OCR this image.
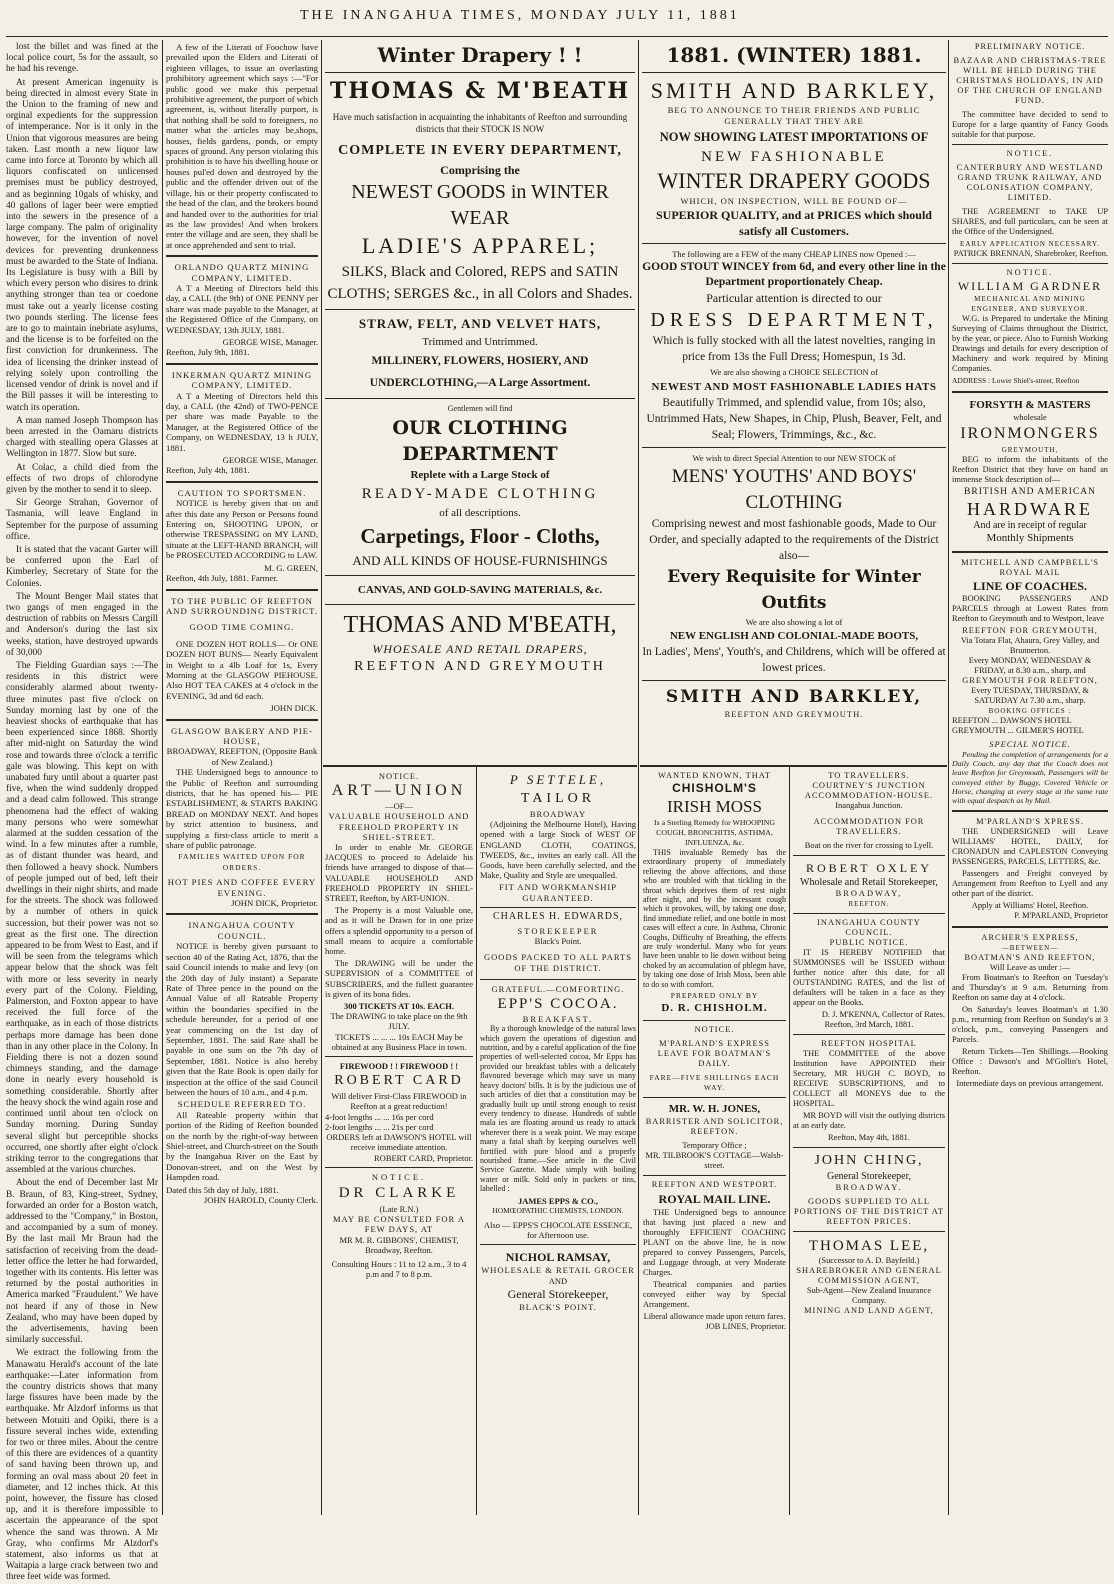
THE INANGAHUA TIMES, MONDAY JULY 11, 1881

lost the billet and was fined at the local police court, 5s for the assault, so he had his revenge.

At present American ingenuity is being directed in almost every State in the Union to the framing of new and orginal expedients for the suppression of intemperance. Nor is it only in the Union that vigorous measures are being taken. Last month a new liquor law came into force at Toronto by which all liquors confiscated on unlicensed premises must be publicy destroyed, and as beginning 10gals of whisky, and 40 gallons of lager beer were emptied into the sewers in the presence of a large company. The palm of originality however, for the invention of novel devices for preventing drunkenness must be awarded to the State of Indiana. Its Legislature is busy with a Bill by which every person who disires to drink anything stronger than tea or coedone must take out a yearly license costing two pounds sterling. The license fees are to go to maintain inebriate asylums, and the license is to be forfeited on the first conviction for drunkenness. The idea of licensing the drinker instead of relying solely upon controlling the licensed vendor of drink is novel and if the Bill passes it will be interesting to watch its operation.

A man named Joseph Thompson has been arrested in the Oamaru districts charged with stealling opera Glasses at Wellington in 1877. Slow but sure.

At Colac, a child died from the effects of two drops of chlorodyne given by the mother to send it to sleep.

Sir George Strahan, Governor of Tasmania, will leave England in September for the purpose of assuming office.

It is stated that the vacant Garter will be conferred upon the Earl of Kimberley, Secretary of State for the Colonies.

The Mount Benger Mail states that two gangs of men engaged in the destruction of rabbits on Messrs Cargill and Anderson's during the last six weeks, station, have destroyed upwards of 30,000

The Fielding Guardian says :—The residents in this district were considerably alarmed about twenty-three minutes past five o'clock on Sunday morning last by one of the heaviest shocks of earthquake that has been experienced since 1868. Shortly after mid-night on Saturday the wind rose and towards three o'clock a terrific gale was blowing. This kept on with unabated fury until about a quarter past five, when the wind suddenly dropped and a dead calm followed. This strange phenomena had the effect of waking many persons who were somewhat alarmed at the sudden cessation of the wind. In a few minutes after a rumble, as of distant thunder was heard, and then followed a heavy shock. Numbers of people jumped out of bed, left their dwellings in their night shirts, and made for the streets. The shock was followed by a number of others in quick succession, but their power was not so great as the first one. The direction appeared to be from West to East, and if will be seen from the telegrams which appear below that the shock was felt with more or less severity in nearly every part of the Colony. Fielding, Palmerston, and Foxton appear to have received the full force of the earthquake, as in each of those districts perhaps more damage has been done than in any other place in the Colony. In Fielding there is not a dozen sound chimneys standing, and the damage done in nearly every household is something considerable. Shortly after the heavy shock the wind again rose and continued until about ten o'clock on Sunday morning. During Sunday several slight but perceptible shocks occurred, one shortly after eight o'clock striking terror to the congregations that assembled at the various churches.

About the end of December last Mr B. Braun, of 83, King-street, Sydney, forwarded an order for a Boston watch, addressed to the "Company," in Boston, and accompanied by a sum of money. By the last mail Mr Braun had the satisfaction of receiving from the dead-letter office the letter he had forwarded, together with its contents. His letter was returned by the postal authorities in America marked "Fraudulent." We have not heard if any of those in New Zealand, who may have been duped by the advertisements, having been similarly successful.

We extract the following from the Manawatu Herald's account of the late earthquake:—Later information from the country districts shows that many large fissures have been made by the earthquake. Mr Alzdorf informs us that between Motuiti and Opiki, there is a fissure several inches wide, extending for two or three miles. About the centre of this there are evidences of a quantity of sand having been thrown up, and forming an oval mass about 20 feet in diameter, and 12 inches thick. At this point, however, the fissure has closed up, and it is therefore impossible to ascertain the appearance of the spot whence the sand was thrown. A Mr Gray, who confirms Mr Alzdorf's statement, also informs us that at Waitapia a large crack between two and three feet wide was formed.

A few of the Literati of Foochow have prevailed upon the Elders and Literati of eighteen villages, to issue an overlasting prohibitory agreement which says :—"For public good we make this perpetual prohibitive agreement, the purport of which agreement, is, without literally purport, is that nothing shall be sold to foreigners, no matter what the articles may be,shops, houses, fields gardens, ponds, or empty spaces of ground. Any person violating this prohibition is to have his dwelling house or houses pul'ed down and destroyed by the public and the offender driven out of the village, his or their property confiscated to the head of the clan, and the brokers bound and handed over to the authorities for trial as the law provides! And when brokers enter the village and are seen, they shall be at once apprehended and sent to trial.

ORLANDO QUARTZ MINING COMPANY, LIMITED.

A T a Meeting of Directors held this day, a CALL (the 9th) of ONE PENNY per share was made payable to the Manager, at the Registered Office of the Company, on WEDNESDAY, 13th JULY, 1881.

GEORGE WISE, Manager.
Reefton, July 9th, 1881.
INKERMAN QUARTZ MINING COMPANY, LIMITED.

A T a Meeting of Directors held this day, a CALL (the 42nd) of TWO-PENCE per share was made Payable to the Manager, at the Registered Office of the Company, on WEDNESDAY, 13 h JULY, 1881.

GEORGE WISE, Manager.
Reefton, July 4th, 1881.
CAUTION TO SPORTSMEN.

NOTICE is hereby given that on and after this date any Person or Persons found Entering on, SHOOTING UPON, or otherwise TRESPASSING on MY LAND, situate at the LEFT-HAND BRANCH, will be PROSECUTED ACCORDING to LAW.

M. G. GREEN,
Reefton, 4th July, 1881. Farmer.
TO THE PUBLIC OF REEFTON AND SURROUNDING DISTRICT.
GOOD TIME COMING.

ONE DOZEN HOT ROLLS— Or ONE DOZEN HOT BUNS— Nearly Equivalent in Weight to a 4lb Loaf for 1s, Every Morning at the GLASGOW PIEHOUSE. Also HOT TEA CAKES at 4 o'clock in the EVENING, 3d and 6d each.

JOHN DICK.
GLASGOW BAKERY AND PIE-HOUSE,
BROADWAY, REEFTON, (Opposite Bank of New Zealand.)

THE Undersigned begs to announce to the Public of Reefton and surrounding districts, that he has opened his— PIE ESTABLISHMENT, & STARTS BAKING BREAD on MONDAY NEXT. And hopes by strict attention to business, and supplying a first-class article to merit a share of public patronage.

FAMILIES WAITED UPON FOR ORDERS.
HOT PIES AND COFFEE EVERY EVENING.
JOHN DICK, Proprietor.
INANGAHUA COUNTY COUNCIL.

NOTICE is hereby given pursuant to section 40 of the Rating Act, 1876, that the said Council intends to make and levy (on the 20th day of July instant) a Separate Rate of Three pence in the pound on the Annual Value of all Rateable Property within the boundaries specified in the schedule hereunder, for a period of one year commencing on the 1st day of September, 1881. The said Rate shall be payable in one sum on the 7th day of September, 1881. Notice is also hereby given that the Rate Book is open daily for inspection at the office of the said Council between the hours of 10 a.m., and 4 p.m.

SCHEDULE REFERRED TO.

All Rateable property within that portion of the Riding of Reefton bounded on the north by the right-of-way between Shiel-street, and Church-street on the South by the Inangahua River on the East by Donovan-street, and on the West by Hampden road.

Dated this 5th day of July, 1881.
JOHN HAROLD, County Clerk.
Winter Drapery ! !
THOMAS & M'BEATH
Have much satisfaction in acquainting the inhabitants of Reefton and surrounding districts that their STOCK IS NOW
COMPLETE IN EVERY DEPARTMENT,
Comprising the
NEWEST GOODS in WINTER WEAR
LADIE'S APPAREL;
SILKS, Black and Colored, REPS and SATIN CLOTHS; SERGES &c., in all Colors and Shades.
STRAW, FELT, AND VELVET HATS,
Trimmed and Untrimmed.
MILLINERY, FLOWERS, HOSIERY, AND UNDERCLOTHING,—A Large Assortment.
Gentlemen will find
OUR CLOTHING DEPARTMENT
Replete with a Large Stock of
READY-MADE CLOTHING
of all descriptions.
Carpetings, Floor - Cloths,
AND ALL KINDS OF HOUSE-FURNISHINGS
CANVAS, AND GOLD-SAVING MATERIALS, &c.
THOMAS AND M'BEATH,
WHOESALE AND RETAIL DRAPERS,
REEFTON AND GREYMOUTH
NOTICE.
ART—UNION
—OF—
VALUABLE HOUSEHOLD AND FREEHOLD PROPERTY IN SHIEL-STREET.

In order to enable Mr. GEORGE JACQUES to proceed to Adelaide his friends have arranged to dispose of that— VALUABLE HOUSEHOLD AND FREEHOLD PROPERTY IN SHIEL-STREET, Reefton, by ART-UNION.

The Property is a most Valuable one, and as it will be Drawn for in one prize offers a splendid opportunity to a person of small means to acquire a comfortable home.

The DRAWING will be under the SUPERVISION of a COMMITTEE of SUBSCRIBERS, and the fullest guarantee is given of its bona fides.

300 TICKETS AT 10s. EACH.
The DRAWING to take place on the 9th JULY.
TICKETS ... ... ... 10s EACH May be obtained at any Business Place in town.
FIREWOOD ! ! FIREWOOD ! !
ROBERT CARD
Will deliver First-Class FIREWOOD in Reefton at a great reduction!
4-foot lengths ... ... 16s per cord
2-foot lengths ... ... 21s per cord
ORDERS left at DAWSON'S HOTEL will receive immediate attention.
ROBERT CARD, Proprietor.
NOTICE.
DR CLARKE
(Late R.N.)
MAY BE CONSULTED FOR A FEW DAYS, AT
MR M. R. GIBBONS', CHEMIST, Broadway, Reefton.
Consulting Hours : 11 to 12 a.m., 3 to 4 p.m and 7 to 8 p.m.
P SETTELE,
TAILOR
BROADWAY

(Adjoining the Melbourne Hotel), Having opened with a large Stock of WEST OF ENGLAND CLOTH, COATINGS, TWEEDS, &c., invites an early call. All the Goods, have been carefully selected, and the Make, Quality and Style are unequalled.

FIT AND WORKMANSHIP GUARANTEED.
CHARLES H. EDWARDS,
STOREKEEPER
Black's Point.
GOODS PACKED TO ALL PARTS OF THE DISTRICT.
GRATEFUL.—COMFORTING.
EPP'S COCOA.
BREAKFAST.

By a thorough knowledge of the natural laws which govern the operations of digestion and nutrition, and by a careful application of the fine properties of well-selected cocoa, Mr Epps has provided our breakfast tables with a delicately flavoured beverage which may save us many heavy doctors' bills. It is by the judicious use of such articles of diet that a constitution may be gradually built up until strong enough to resist every tendency to disease. Hundreds of subtle mala ies are floating around us ready to attack wherever there is a weak point. We may escape many a fatal shaft by keeping ourselves well fortified with pure blood and a properly nourished frame.—See article in the Civil Service Gazette. Made simply with boiling water or milk. Sold only in packets or tins, labelled :

JAMES EPPS & CO.,
HOMŒOPATHIC CHEMISTS, LONDON.
Also — EPPS'S CHOCOLATE ESSENCE, for Afternoon use.
NICHOL RAMSAY,
WHOLESALE & RETAIL GROCER
AND
General Storekeeper,
BLACK'S POINT.
1881. (WINTER) 1881.
SMITH AND BARKLEY,
BEG TO ANNOUNCE TO THEIR FRIENDS AND PUBLIC GENERALLY THAT THEY ARE
NOW SHOWING LATEST IMPORTATIONS OF
NEW FASHIONABLE
WINTER DRAPERY GOODS
WHICH, ON INSPECTION, WILL BE FOUND OF—
SUPERIOR QUALITY, and at PRICES which should satisfy all Customers.
The following are a FEW of the many CHEAP LINES now Opened :—
GOOD STOUT WINCEY from 6d, and every other line in the Department proportionately Cheap.
Particular attention is directed to our
DRESS DEPARTMENT,
Which is fully stocked with all the latest novelties, ranging in price from 13s the Full Dress; Homespun, 1s 3d.
We are also showing a CHOICE SELECTION of
NEWEST AND MOST FASHIONABLE LADIES HATS
Beautifully Trimmed, and splendid value, from 10s; also, Untrimmed Hats, New Shapes, in Chip, Plush, Beaver, Felt, and Seal; Flowers, Trimmings, &c., &c.
We wish to direct Special Attention to our NEW STOCK of
MENS' YOUTHS' AND BOYS' CLOTHING
Comprising newest and most fashionable goods, Made to Our Order, and specially adapted to the requirements of the District also—
Every Requisite for Winter Outfits
We are also showing a lot of
NEW ENGLISH AND COLONIAL-MADE BOOTS,
In Ladies', Mens', Youth's, and Childrens, which will be offered at lowest prices.
SMITH AND BARKLEY,
REEFTON AND GREYMOUTH.
WANTED KNOWN, THAT
CHISHOLM'S
IRISH MOSS
Is a Sterling Remedy for WHOOPING COUGH, BRONCHITIS, ASTHMA, INFLUENZA, &c.

THIS invaluable Remedy has the extraordinary property of immediately relieving the above affections, and those who are troubled with that tickling in the throat which deprives them of rest night after night, and by the incessant cough which it provokes, will, by taking one dose, find immediate relief, and one bottle in most cases will effect a cure. In Asthma, Chronic Coughs, Difficulty of Breathing, the effects are truly wonderful. Many who for years have been unable to lie down without being choked by an accumulation of phlegm have, by taking one dose of Irish Moss, been able to do so with comfort.

PREPARED ONLY BY
D. R. CHISHOLM.
NOTICE.
M'PARLAND'S EXPRESS LEAVE FOR BOATMAN'S DAILY.
FARE—FIVE SHILLINGS EACH WAY.
MR. W. H. JONES,
BARRISTER AND SOLICITOR, REEFTON.
Temporary Office ;
MR. TILBROOK'S COTTAGE—Walsh-street.
REEFTON AND WESTPORT.
ROYAL MAIL LINE.

THE Undersigned begs to announce that having just placed a new and thoroughly EFFICIENT COACHING PLANT on the above line, he is now prepared to convey Passengers, Parcels, and Luggage through, at very Moderate Charges.

Theatrical companies and parties conveyed either way by Special Arrangement.

Liberal allowance made upon return fares.
JOB LINES, Proprietor.
TO TRAVELLERS.
COURTNEY'S JUNCTION ACCOMMODATION-HOUSE.
Inangahua Junction.
ACCOMMODATION FOR TRAVELLERS.
Boat on the river for crossing to Lyell.
ROBERT OXLEY
Wholesale and Retail Storekeeper,
BROADWAY,
REEFTON.
INANGAHUA COUNTY COUNCIL.
PUBLIC NOTICE.

IT IS HEREBY NOTIFIED that SUMMONSES will be ISSUED without further notice after this date, for all OUTSTANDING RATES, and the list of defaulters will be taken in a face as they appear on the Books.

D. J. M'KENNA, Collector of Rates.
Reefton, 3rd March, 1881.
REEFTON HOSPITAL

THE COMMITTEE of the above Institution have APPOINTED their Secretary, MR HUGH C. BOYD, to RECEIVE SUBSCRIPTIONS, and to COLLECT all MONEYS due to the HOSPITAL.

MR BOYD will visit the outlying districts at an early date.

Reefton, May 4th, 1881.
JOHN CHING,
General Storekeeper,
BROADWAY.
GOODS SUPPLIED TO ALL PORTIONS OF THE DISTRICT AT REEFTON PRICES.
THOMAS LEE,
(Successor to A. D. Bayfeild.)
SHAREBROKER AND GENERAL COMMISSION AGENT,
Sub-Agent—New Zealand Insurance Company.
MINING AND LAND AGENT,
PRELIMINARY NOTICE.
BAZAAR AND CHRISTMAS-TREE WILL BE HELD DURING THE CHRISTMAS HOLIDAYS, IN AID OF THE CHURCH OF ENGLAND FUND.

The committee have decided to send to Europe for a large quantity of Fancy Goods suitable for that purpose.

NOTICE.
CANTERBURY AND WESTLAND GRAND TRUNK RAILWAY, AND COLONISATION COMPANY, LIMITED.

THE AGREEMENT to TAKE UP SHARES, and full particulars, can be seen at the Office of the Undersigned.

EARLY APPLICATION NECESSARY.
PATRICK BRENNAN, Sharebroker, Reefton.
NOTICE.
WILLIAM GARDNER
MECHANICAL AND MINING ENGINEER, AND SURVEYOR.

W.G. is Prepared to undertake the Mining Surveying of Claims throughout the District, by the year, or piece. Also to Furnish Working Drawings and details for every description of Machinery and work required by Mining Companies.

ADDRESS : Lower Shiel's-street, Reefton
FORSYTH & MASTERS
wholesale
IRONMONGERS
GREYMOUTH,

BEG to inform the inhabitants of the Reefton District that they have on hand an immense Stock description of—

BRITISH AND AMERICAN
HARDWARE
And are in receipt of regular
Monthly Shipments
MITCHELL AND CAMPBELL'S ROYAL MAIL
LINE OF COACHES.

BOOKING PASSENGERS AND PARCELS through at Lowest Rates from Reefton to Greymouth and to Westport, leave

REEFTON FOR GREYMOUTH,
Via Totara Flat, Ahaura, Grey Valley, and Brunnerton.
Every MONDAY, WEDNESDAY & FRIDAY, at 8.30 a.m., sharp, and
GREYMOUTH FOR REEFTON,
Every TUESDAY, THURSDAY, & SATURDAY At 7.30 a.m., sharp.
BOOKING OFFICES :
REEFTON ... DAWSON'S HOTEL
GREYMOUTH ... GILMER'S HOTEL
SPECIAL NOTICE.

Pending the completion of arrangements for a Daily Coach, any day that the Coach does not leave Reefton for Greymouth, Passengers will be conveyed either by Buggy, Covered Vehicle or Horse, changing at every stage at the same rate with equal despatch as by Mail.

M'PARLAND'S XPRESS.

THE UNDERSIGNED will Leave WILLIAMS' HOTEL, DAILY, for CRONADUN and CAPLESTON Conveying PASSENGERS, PARCELS, LETTERS, &c.

Passengers and Freight conveyed by Arrangement from Reefton to Lyell and any other part of the district.

Apply at Williams' Hotel, Reefton.
P. M'PARLAND, Proprietor
ARCHER'S EXPRESS,
—BETWEEN—
BOATMAN'S AND REEFTON,
Will Leave as under :—

From Boatman's to Reefton on Tuesday's and Thursday's at 9 a.m. Returning from Reefton on same day at 4 o'clock.

On Saturday's leaves Boatman's at 1.30 p.m., returning from Reefton on Sunday's at 3 o'clock, p.m., conveying Passengers and Parcels.

Return Tickets—Ten Shillings.—Booking Office : Dawson's and M'Gollin's Hotel, Reefton.

Intermediate days on previous arrangement.
